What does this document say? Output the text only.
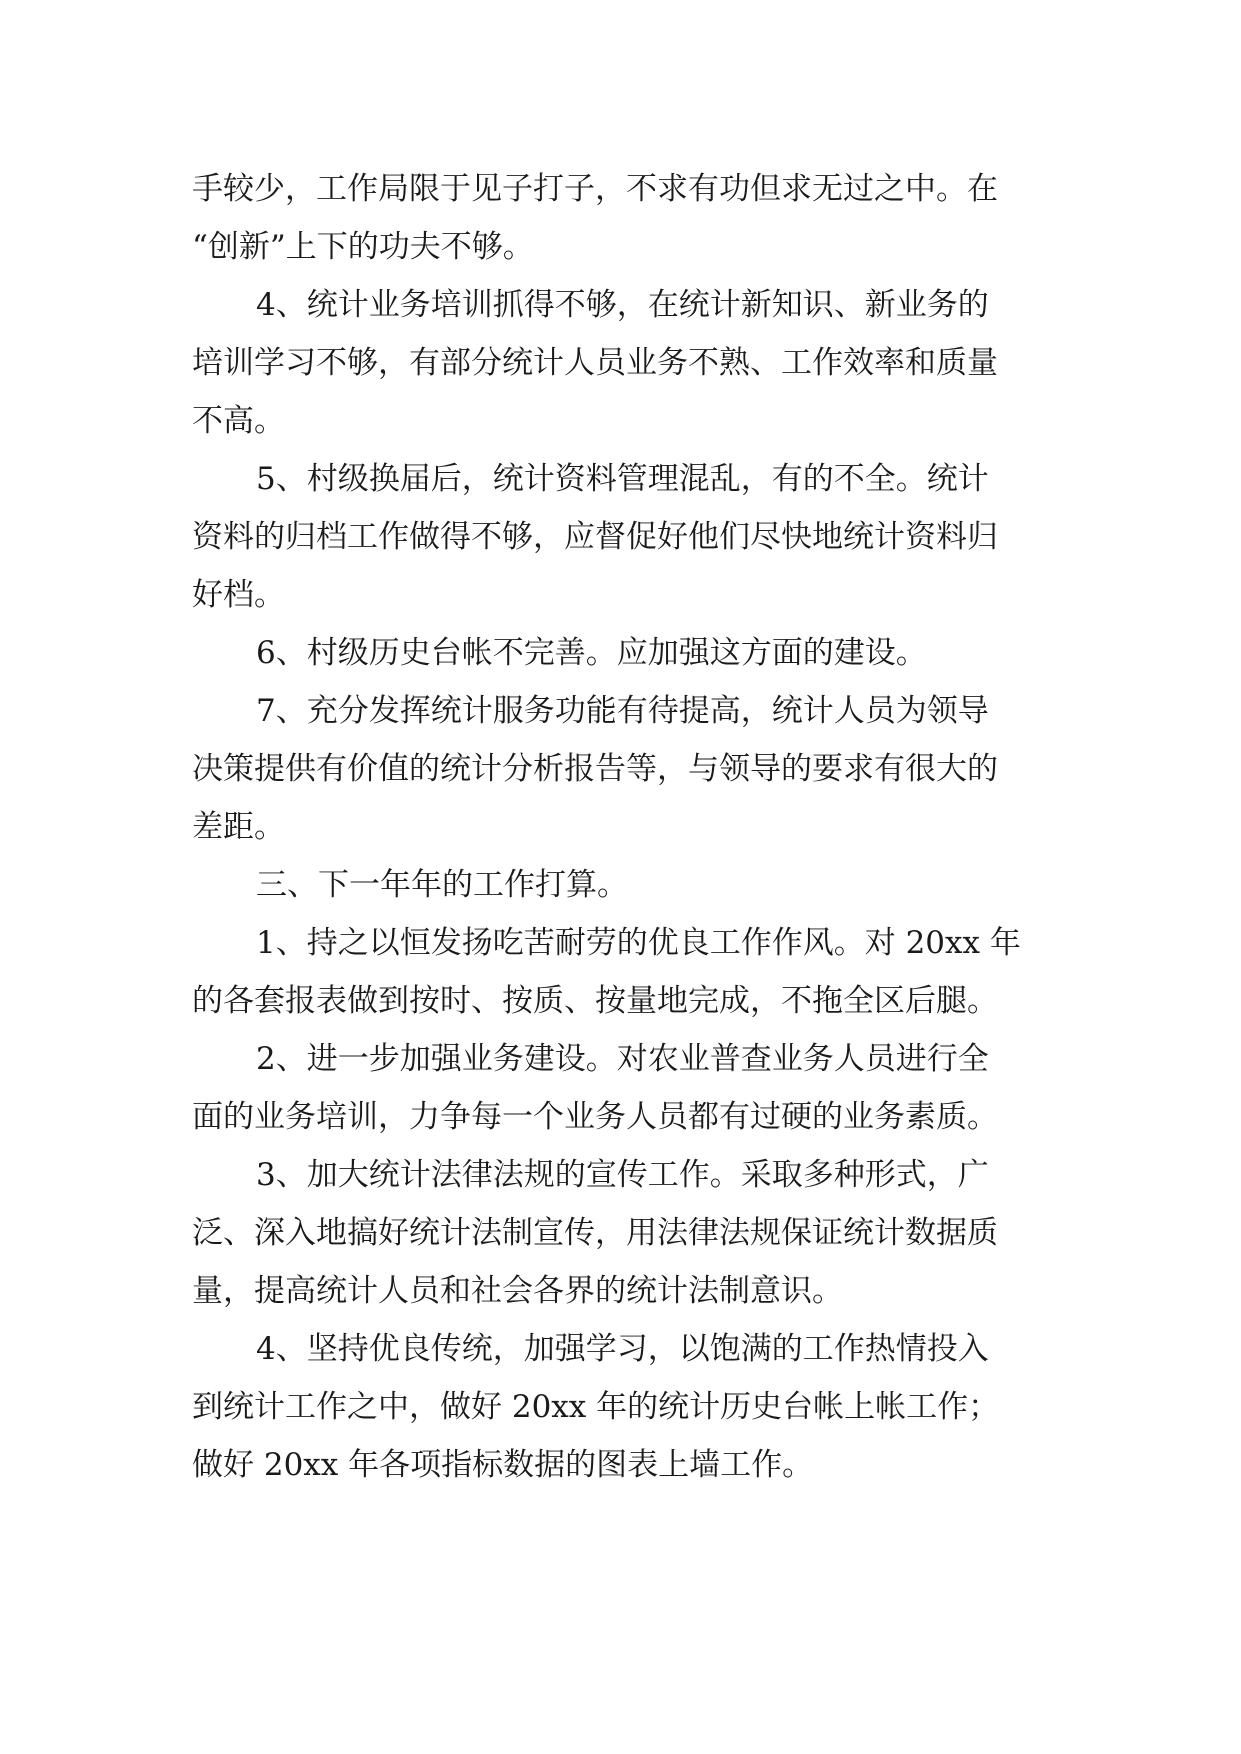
手较少，工作局限于见子打子，不求有功但求无过之中。在
“创新”上下的功夫不够。
4、统计业务培训抓得不够，在统计新知识、新业务的
培训学习不够，有部分统计人员业务不熟、工作效率和质量
不高。
5、村级换届后，统计资料管理混乱，有的不全。统计
资料的归档工作做得不够，应督促好他们尽快地统计资料归
好档。
6、村级历史台帐不完善。应加强这方面的建设。
7、充分发挥统计服务功能有待提高，统计人员为领导
决策提供有价值的统计分析报告等，与领导的要求有很大的
差距。
三、下一年年的工作打算。
1、持之以恒发扬吃苦耐劳的优良工作作风。对 20xx 年
的各套报表做到按时、按质、按量地完成，不拖全区后腿。
2、进一步加强业务建设。对农业普查业务人员进行全
面的业务培训，力争每一个业务人员都有过硬的业务素质。
3、加大统计法律法规的宣传工作。采取多种形式，广
泛、深入地搞好统计法制宣传，用法律法规保证统计数据质
量，提高统计人员和社会各界的统计法制意识。
4、坚持优良传统，加强学习，以饱满的工作热情投入
到统计工作之中，做好 20xx 年的统计历史台帐上帐工作；
做好 20xx 年各项指标数据的图表上墙工作。
